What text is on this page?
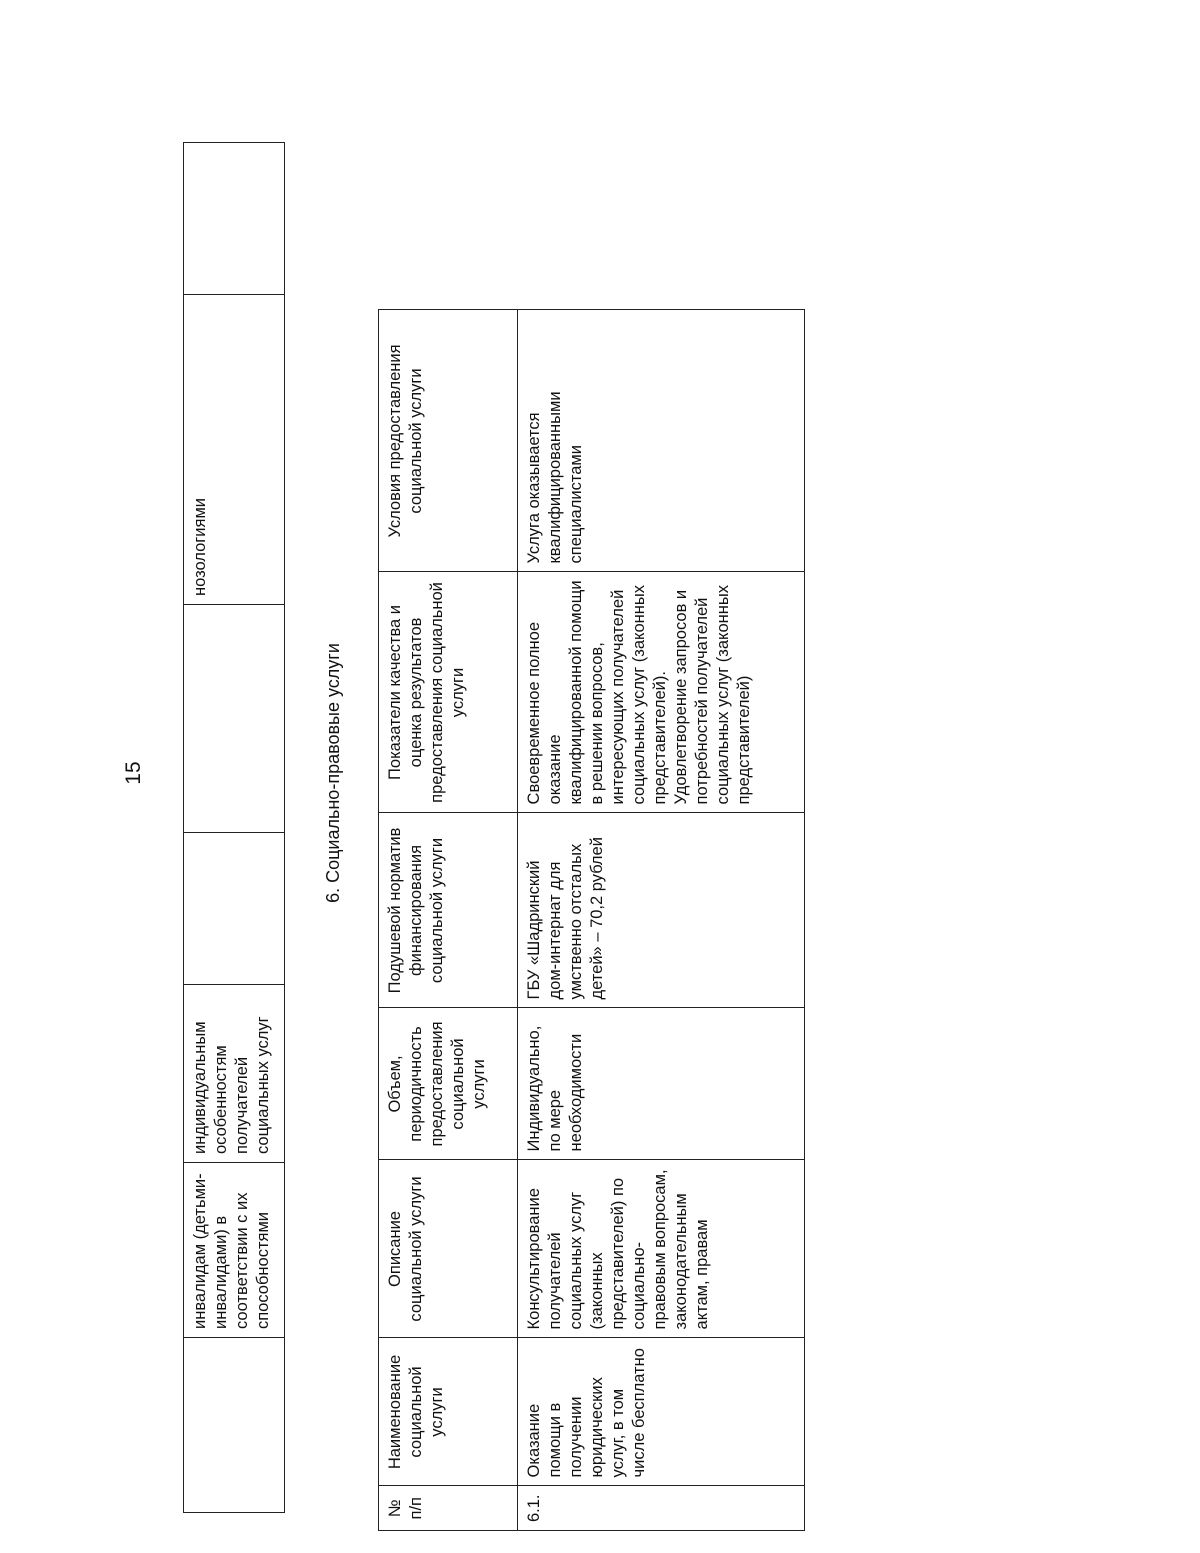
	инвалидам (детьми-инвалидами) в соответствии с их способностями	индивидуальным особенностям получателей социальных услуг			нозологиями	
15	6. Социально-правовые услуги
№ п/п	Наименование социальной услуги	Описание социальной услуги	Объем, периодичность предоставления социальной услуги	Подушевой норматив финансирования социальной услуги	Показатели качества и оценка результатов предоставления социальной услуги	Условия предоставления социальной услуги
6.1.	Оказание помощи в получении юридических услуг, в том числе бесплатно	Консультирование получателей социальных услуг (законных представителей) по социально-правовым вопросам, законодательным актам, правам	Индивидуально, по мере необходимости	ГБУ «Шадринский дом-интернат для умственно отсталых детей» – 70,2 рублей	Своевременное полное оказание квалифицированной помощи в решении вопросов, интересующих получателей социальных услуг (законных представителей). Удовлетворение запросов и потребностей получателей социальных услуг (законных представителей)	Услуга оказывается квалифицированными специалистами
